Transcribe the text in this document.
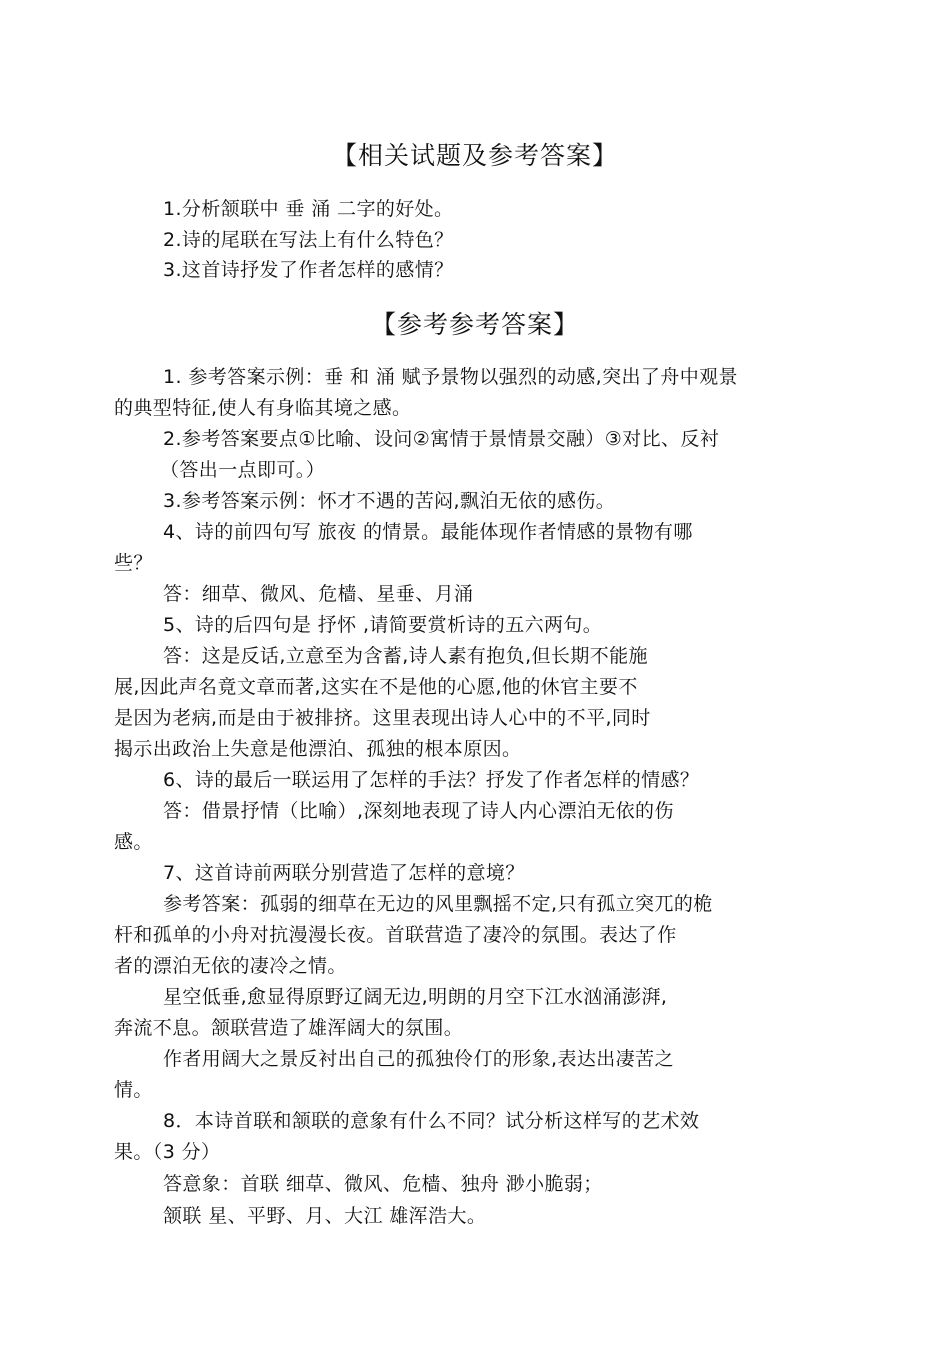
【相关试题及参考答案】
1.分析颔联中 垂 涌 二字的好处。
2.诗的尾联在写法上有什么特色？
3.这首诗抒发了作者怎样的感情？
【参考参考答案】
1. 参考答案示例：垂 和 涌 赋予景物以强烈的动感,突出了舟中观景
的典型特征,使人有身临其境之感。
2.参考答案要点①比喻、设问②寓情于景情景交融）③对比、反衬
（答出一点即可。）
3.参考答案示例：怀才不遇的苦闷,飘泊无依的感伤。
4、诗的前四句写 旅夜 的情景。最能体现作者情感的景物有哪
些？
答：细草、微风、危樯、星垂、月涌
5、诗的后四句是 抒怀 ,请简要赏析诗的五六两句。
答：这是反话,立意至为含蓄,诗人素有抱负,但长期不能施
展,因此声名竟文章而著,这实在不是他的心愿,他的休官主要不
是因为老病,而是由于被排挤。这里表现出诗人心中的不平,同时
揭示出政治上失意是他漂泊、孤独的根本原因。
6、诗的最后一联运用了怎样的手法？抒发了作者怎样的情感？
答：借景抒情（比喻）,深刻地表现了诗人内心漂泊无依的伤
感。
7、这首诗前两联分别营造了怎样的意境？
参考答案：孤弱的细草在无边的风里飘摇不定,只有孤立突兀的桅
杆和孤单的小舟对抗漫漫长夜。首联营造了凄冷的氛围。表达了作
者的漂泊无依的凄冷之情。
星空低垂,愈显得原野辽阔无边,明朗的月空下江水汹涌澎湃,
奔流不息。颔联营造了雄浑阔大的氛围。
作者用阔大之景反衬出自己的孤独伶仃的形象,表达出凄苦之
情。
8．本诗首联和颔联的意象有什么不同？试分析这样写的艺术效
果。（3 分）
答意象：首联 细草、微风、危樯、独舟 渺小脆弱；
颔联 星、平野、月、大江 雄浑浩大。
